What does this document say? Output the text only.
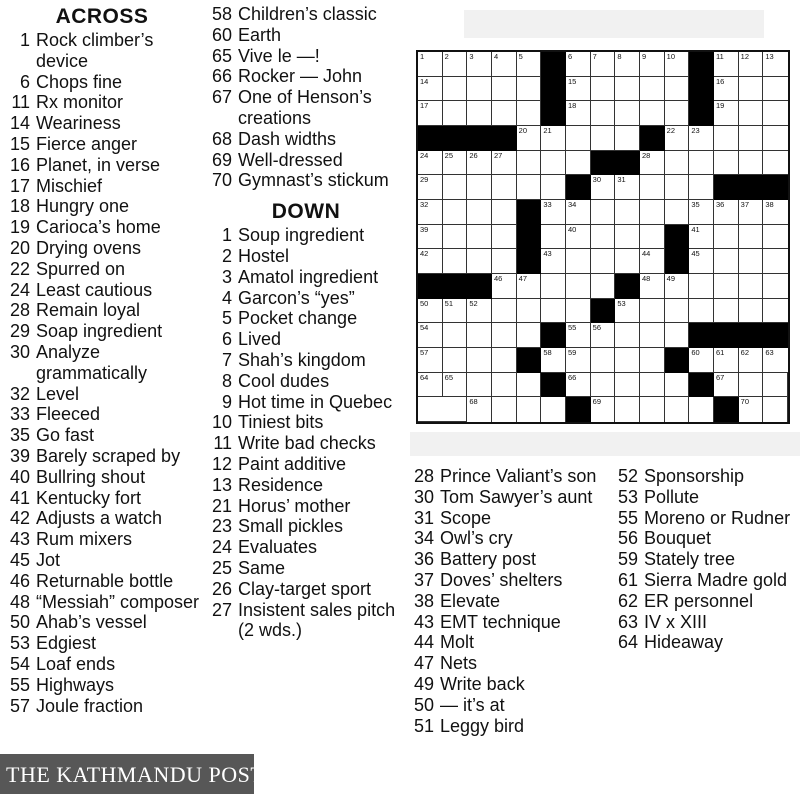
ACROSS
1 Rock climber’s device
6 Chops fine
11 Rx monitor
14 Weariness
15 Fierce anger
16 Planet, in verse
17 Mischief
18 Hungry one
19 Carioca’s home
20 Drying ovens
22 Spurred on
24 Least cautious
28 Remain loyal
29 Soap ingredient
30 Analyze grammatically
32 Level
33 Fleeced
35 Go fast
39 Barely scraped by
40 Bullring shout
41 Kentucky fort
42 Adjusts a watch
43 Rum mixers
45 Jot
46 Returnable bottle
48 “Messiah” composer
50 Ahab’s vessel
53 Edgiest
54 Loaf ends
55 Highways
57 Joule fraction
58 Children’s classic
60 Earth
65 Vive le —!
66 Rocker — John
67 One of Henson’s creations
68 Dash widths
69 Well-dressed
70 Gymnast’s stickum
DOWN
1 Soup ingredient
2 Hostel
3 Amatol ingredient
4 Garcon’s “yes”
5 Pocket change
6 Lived
7 Shah’s kingdom
8 Cool dudes
9 Hot time in Quebec
10 Tiniest bits
11 Write bad checks
12 Paint additive
13 Residence
21 Horus’ mother
23 Small pickles
24 Evaluates
25 Same
26 Clay-target sport
27 Insistent sales pitch (2 wds.)
1	2	3	4	5	6	7	8	9	10	11 12 13
14	15	16
17	18	19
20 21	22 23
24 25 26 27	28
29	30 31
32	33 34	35 36 37 38
39	40	41
42	43	44	45
46 47	48 49
50 51 52	53
54	55 56
57	58 59	60 61 62 63
64 65	66	67
68	69	70
28 Prince Valiant’s son
30 Tom Sawyer’s aunt
31 Scope
34 Owl’s cry
36 Battery post
37 Doves’ shelters
38 Elevate
43 EMT technique
44 Molt
47 Nets
49 Write back
50 — it’s at
51 Leggy bird
52 Sponsorship
53 Pollute
55 Moreno or Rudner
56 Bouquet
59 Stately tree
61 Sierra Madre gold
62 ER personnel
63 IV x XIII
64 Hideaway
THE KATHMANDU POST
